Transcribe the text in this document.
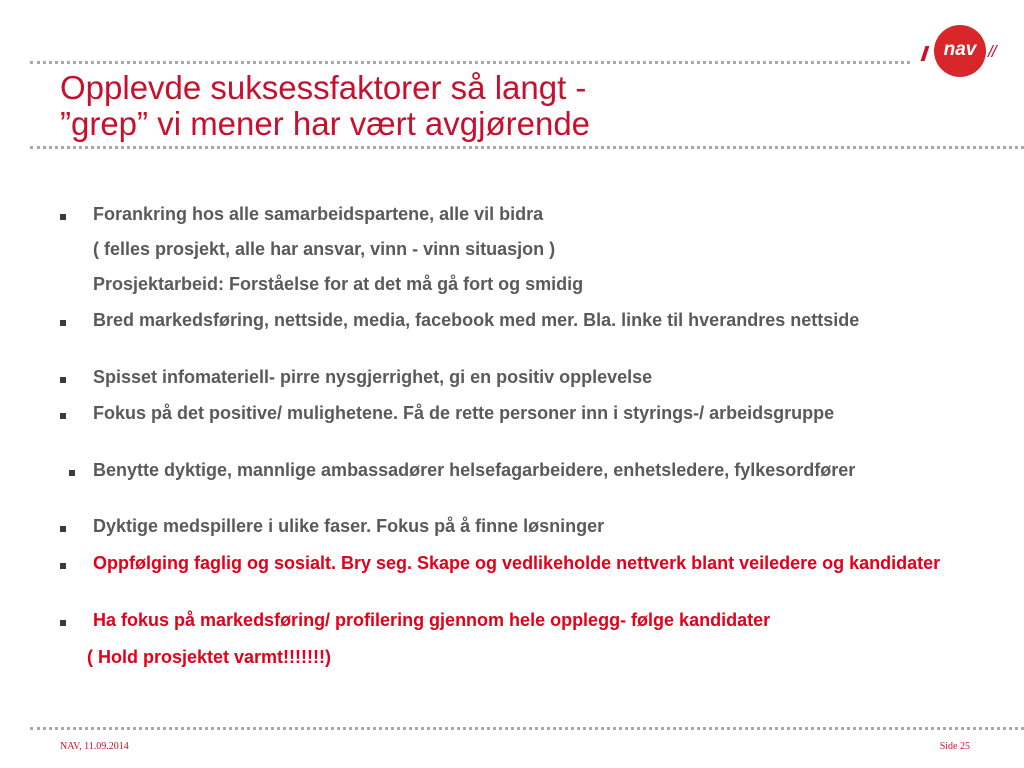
Opplevde suksessfaktorer så langt -
”grep” vi mener har vært avgjørende
nav //
Forankring hos alle samarbeidspartene, alle vil bidra
( felles prosjekt, alle har ansvar, vinn - vinn situasjon )
Prosjektarbeid: Forståelse for at det må gå fort og smidig
Bred markedsføring, nettside, media, facebook med mer. Bla. linke til hverandres nettside
Spisset infomateriell- pirre nysgjerrighet, gi en positiv opplevelse
Fokus på det positive/ mulighetene. Få de rette personer inn i styrings-/ arbeidsgruppe
Benytte dyktige, mannlige ambassadører helsefagarbeidere, enhetsledere, fylkesordfører
Dyktige medspillere i ulike faser. Fokus på å finne løsninger
Oppfølging faglig og sosialt. Bry seg. Skape og vedlikeholde nettverk blant veiledere og kandidater
Ha fokus på markedsføring/ profilering gjennom hele opplegg- følge kandidater
( Hold prosjektet varmt!!!!!!!)
NAV, 11.09.2014	Side 25
